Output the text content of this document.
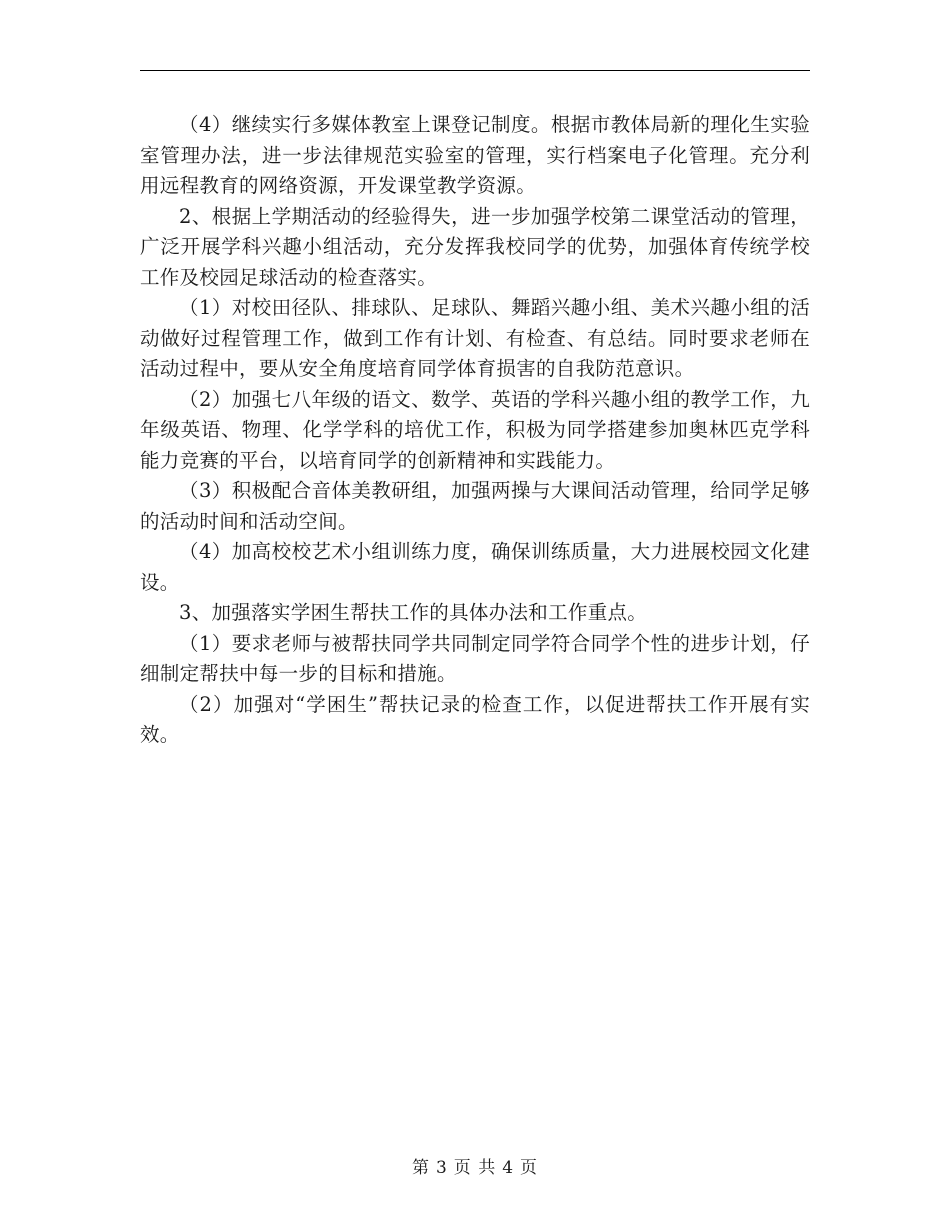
（4）继续实行多媒体教室上课登记制度。根据市教体局新的理化生实验室管理办法，进一步法律规范实验室的管理，实行档案电子化管理。充分利用远程教育的网络资源，开发课堂教学资源。

2、根据上学期活动的经验得失，进一步加强学校第二课堂活动的管理，广泛开展学科兴趣小组活动，充分发挥我校同学的优势，加强体育传统学校工作及校园足球活动的检查落实。

（1）对校田径队、排球队、足球队、舞蹈兴趣小组、美术兴趣小组的活动做好过程管理工作，做到工作有计划、有检查、有总结。同时要求老师在活动过程中，要从安全角度培育同学体育损害的自我防范意识。

（2）加强七八年级的语文、数学、英语的学科兴趣小组的教学工作，九年级英语、物理、化学学科的培优工作，积极为同学搭建参加奥林匹克学科能力竞赛的平台，以培育同学的创新精神和实践能力。

（3）积极配合音体美教研组，加强两操与大课间活动管理，给同学足够的活动时间和活动空间。

（4）加高校校艺术小组训练力度，确保训练质量，大力进展校园文化建设。

3、加强落实学困生帮扶工作的具体办法和工作重点。

（1）要求老师与被帮扶同学共同制定同学符合同学个性的进步计划，仔细制定帮扶中每一步的目标和措施。

（2）加强对“学困生”帮扶记录的检查工作，以促进帮扶工作开展有实效。

第 3 页 共 4 页
